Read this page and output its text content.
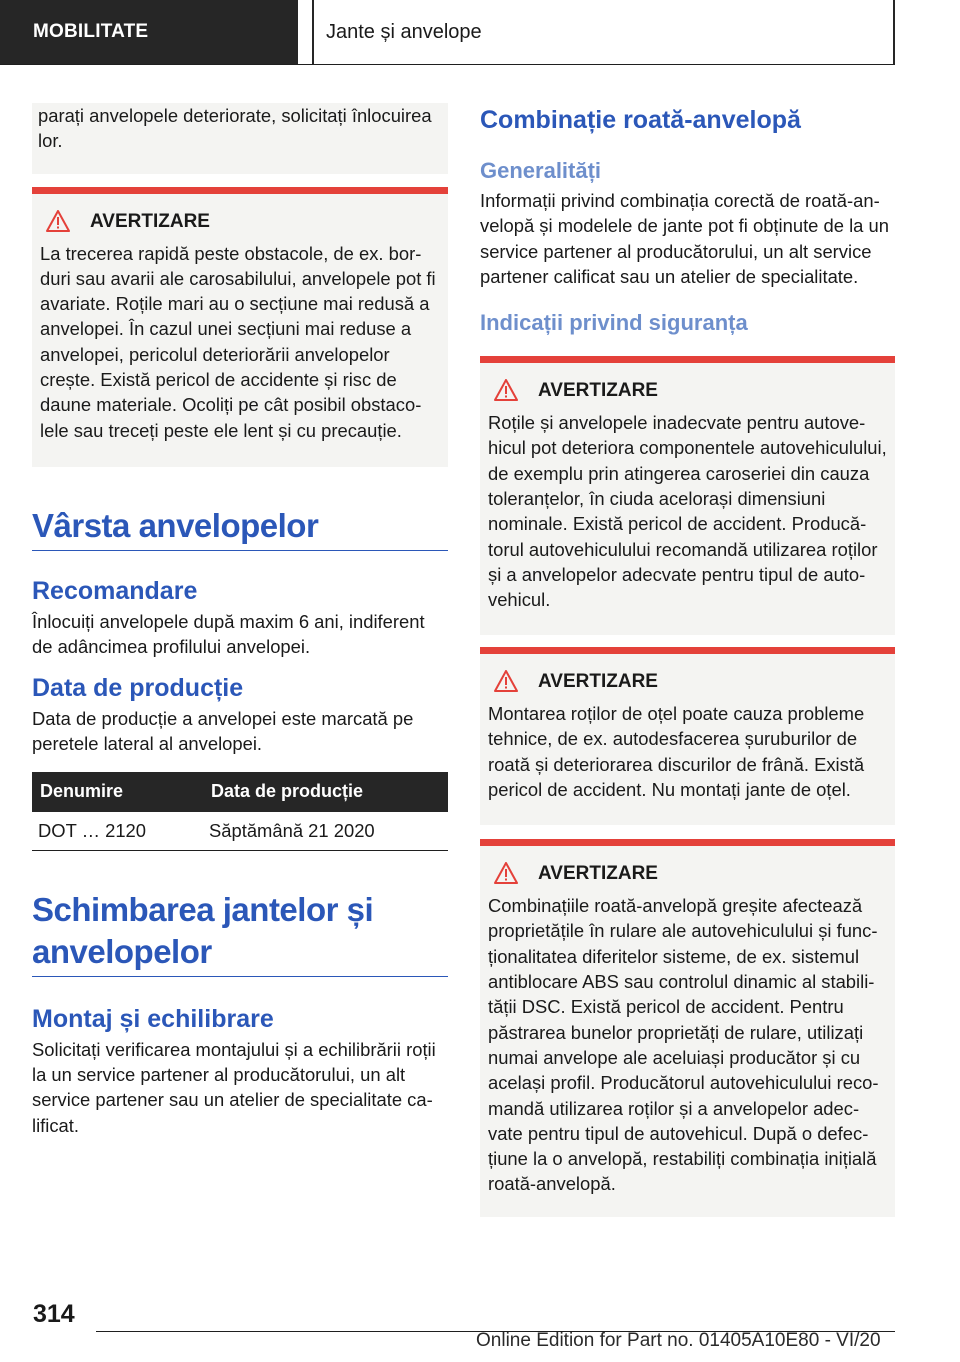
MOBILITATE	Jante și anvelope

parați anvelopele deteriorate, solicitați înlocuirea lor.

AVERTIZARE

La trecerea rapidă peste obstacole, de ex. borduri sau avarii ale carosabilului, anvelopele pot fi avariate. Roțile mari au o secțiune mai redusă a anvelopei. În cazul unei secțiuni mai reduse a anvelopei, pericolul deteriorării anvelopelor crește. Există pericol de accidente și risc de daune materiale. Ocoliți pe cât posibil obstacolele sau treceți peste ele lent și cu precauție.

Vârsta anvelopelor
Recomandare

Înlocuiți anvelopele după maxim 6 ani, indiferent de adâncimea profilului anvelopei.

Data de producție

Data de producție a anvelopei este marcată pe peretele lateral al anvelopei.

Denumire	Data de producție
DOT … 2120	Săptămână 21 2020
Schimbarea jantelor și anvelopelor
Montaj și echilibrare

Solicitați verificarea montajului și a echilibrării roții la un service partener al producătorului, un alt service partener sau un atelier de specialitate calificat.

Combinație roată-anvelopă
Generalități

Informații privind combinația corectă de roată-anvelopă și modelele de jante pot fi obținute de la un service partener al producătorului, un alt service partener calificat sau un atelier de specialitate.

Indicații privind siguranța
AVERTIZARE

Roțile și anvelopele inadecvate pentru autovehicul pot deteriora componentele autovehiculului, de exemplu prin atingerea caroseriei din cauza toleranțelor, în ciuda acelorași dimensiuni nominale. Există pericol de accident. Producătorul autovehiculului recomandă utilizarea roților și a anvelopelor adecvate pentru tipul de autovehicul.

AVERTIZARE

Montarea roților de oțel poate cauza probleme tehnice, de ex. autodesfacerea șuruburilor de roată și deteriorarea discurilor de frână. Există pericol de accident. Nu montați jante de oțel.

AVERTIZARE

Combinațiile roată-anvelopă greșite afectează proprietățile în rulare ale autovehiculului și funcționalitatea diferitelor sisteme, de ex. sistemul antiblocare ABS sau controlul dinamic al stabilității DSC. Există pericol de accident. Pentru păstrarea bunelor proprietăți de rulare, utilizați numai anvelope ale aceluiași producător și cu același profil. Producătorul autovehiculului recomandă utilizarea roților și a anvelopelor adecvate pentru tipul de autovehicul. După o defecțiune la o anvelopă, restabiliți combinația inițială roată-anvelopă.

314
Online Edition for Part no. 01405A10E80 - VI/20
